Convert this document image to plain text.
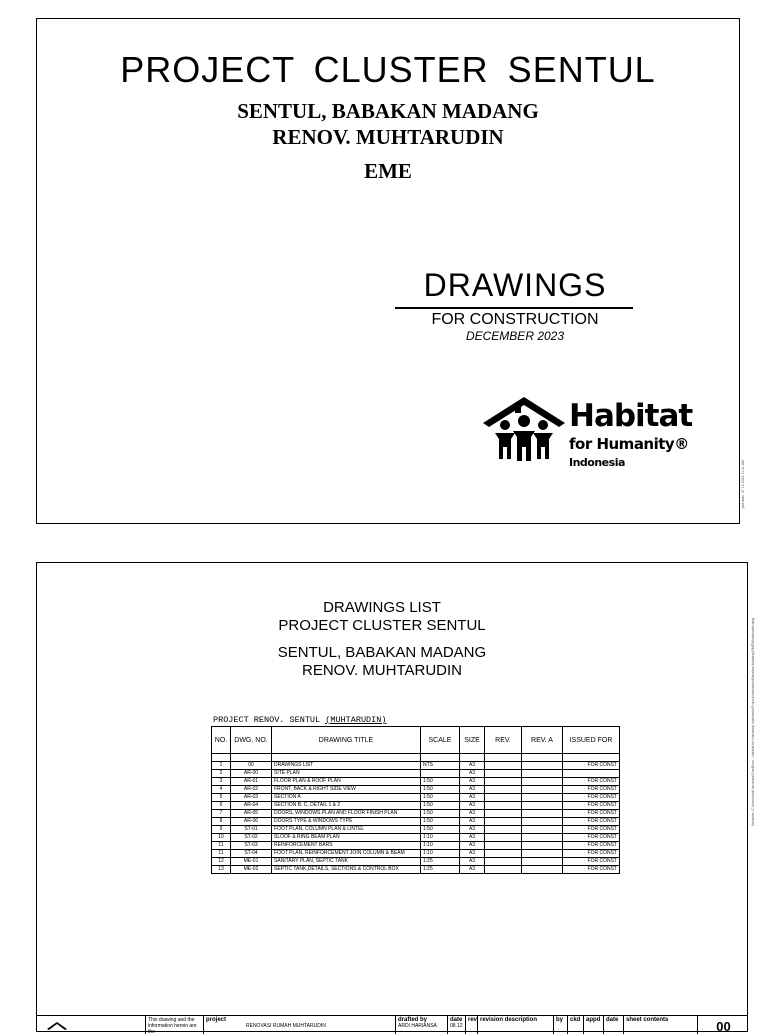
PROJECT CLUSTER SENTUL
SENTUL, BABAKAN MADANG
RENOV. MUHTARUDIN
EME
DRAWINGS
FOR CONSTRUCTION
DECEMBER 2023
Habitat
for Humanity®
Indonesia	plot date: 07.12.2024 11:41 AM
DRAWINGS LIST
PROJECT CLUSTER SENTUL
SENTUL, BABAKAN MADANG
RENOV. MUHTARUDIN
PROJECT RENOV. SENTUL (MUHTARUDIN)
NO.	DWG. NO.	DRAWING TITLE	SCALE	SIZE	REV.	REV. A	ISSUED FOR

1	00	DRAWINGS LIST	NTS	A3			FOR CONST
2	AR-00	SITE PLAN		A3			
3	AR-01	FLOOR PLAN & ROOF PLAN	1:50	A3			FOR CONST
4	AR-02	FRONT, BACK & RIGHT SIDE VIEW	1:50	A3			FOR CONST
5	AR-03	SECTION A	1:50	A3			FOR CONST
6	AR-04	SECTION B, C, DETAIL 1 & 2	1:50	A3			FOR CONST
7	AR-05	DOORS, WINDOWS PLAN AND FLOOR FINISH PLAN	1:50	A3			FOR CONST
8	AR-06	DOORS TYPE & WINDOWS TYPE	1:50	A3			FOR CONST
9	ST-01	FOOT PLAN, COLUMN PLAN & LINTEL	1:50	A3			FOR CONST
10	ST-02	SLOOF & RING BEAM PLAN	1:10	A3			FOR CONST
11	ST-03	REINFORCEMENT BARS	1:10	A3			FOR CONST
11	ST-04	FOOT PLAN, REINFORCEMENT JOIN COLUMN & BEAM	1:10	A3			FOR CONST
12	ME-01	SANITARY PLAN, SEPTIC TANK	1:25	A3			FOR CONST
13	ME-02	SEPTIC TANK,DETAILS, SECTIONS & CONTROL BOX	1:25	A3			FOR CONST
This drawing and the information herein are the
project
RENOVASI RUMAH MUHTARUDIN
drafted by
ARDI HARIANSA
date
08.12
rev revision description	by	ckd appd date	sheet contents	00
filename: C:\Users\ardi.hariansa\OneDrive - Habitat for Humanity Indonesia\Project\Indonesia\Babakan Madang EME\Muhtarudin.dwg
